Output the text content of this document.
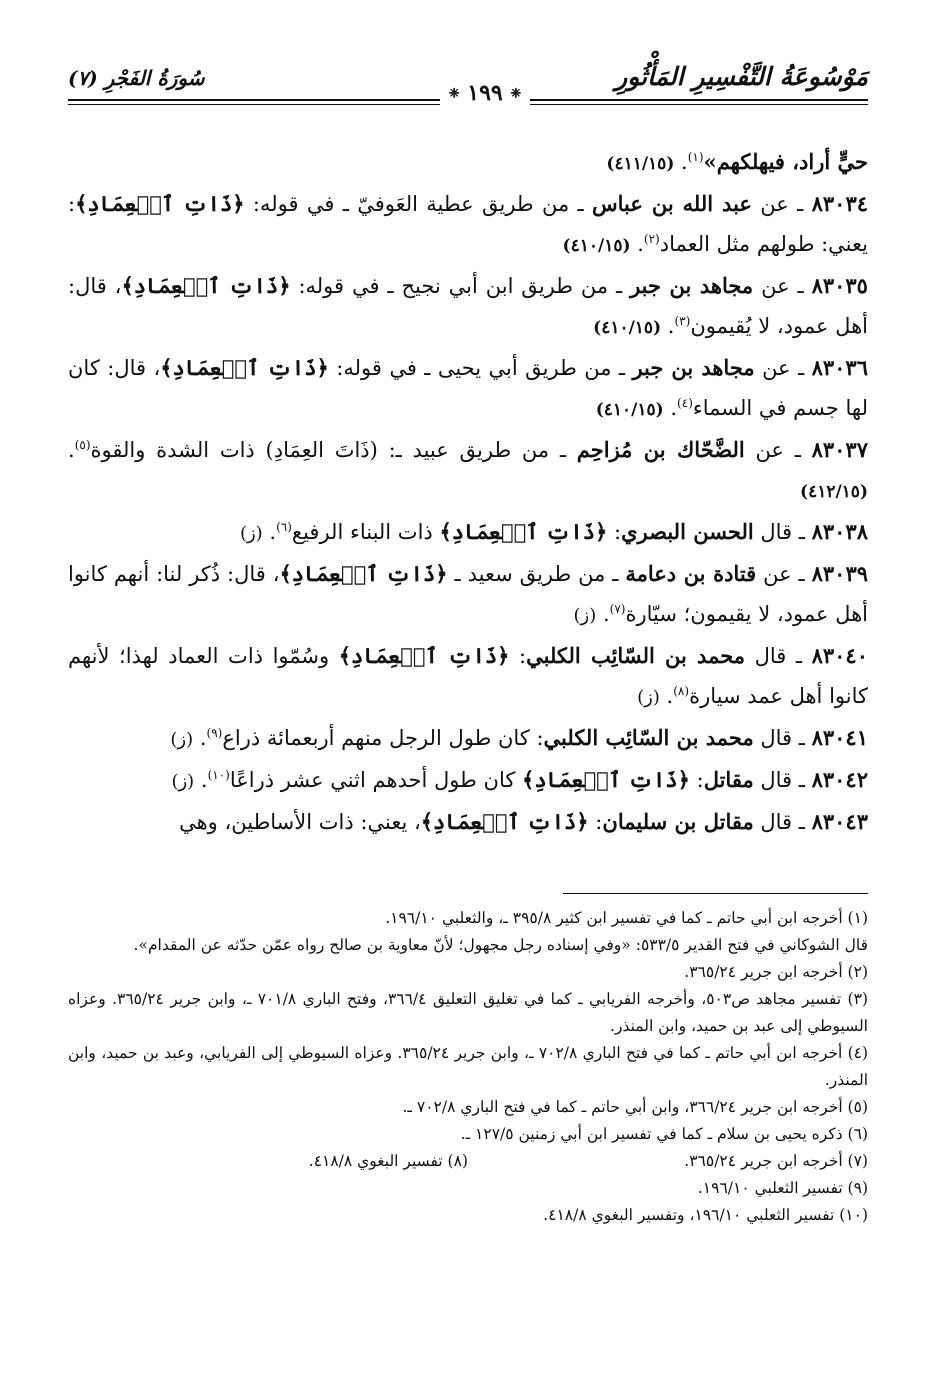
مَوْسُوعَةُ التَّفْسِيرِ المَأْثُورِ
سُورَةُ الفَجْرِ (٧)
❈ ١٩٩ ❈
حيٍّ أراد، فيهلكهم»$^{(١)}$. (٤١١/١٥)
٨٣٠٣٤ ـ عن عبد الله بن عباس ـ من طريق عطية العَوفيّ ـ في قوله: ﴿ذَاتِ ٱلۡعِمَادِ﴾: يعني: طولهم مثل العماد$^{(٢)}$. (٤١٠/١٥)
٨٣٠٣٥ ـ عن مجاهد بن جبر ـ من طريق ابن أبي نجيح ـ في قوله: ﴿ذَاتِ ٱلۡعِمَادِ﴾، قال: أهل عمود، لا يُقيمون$^{(٣)}$. (٤١٠/١٥)
٨٣٠٣٦ ـ عن مجاهد بن جبر ـ من طريق أبي يحيى ـ في قوله: ﴿ذَاتِ ٱلۡعِمَادِ﴾، قال: كان لها جسم في السماء$^{(٤)}$. (٤١٠/١٥)
٨٣٠٣٧ ـ عن الضَّحّاك بن مُزاحِم ـ من طريق عبيد ـ: (ذَاتَ العِمَادِ) ذات الشدة والقوة$^{(٥)}$. (٤١٢/١٥)
٨٣٠٣٨ ـ قال الحسن البصري: ﴿ذَاتِ ٱلۡعِمَادِ﴾ ذات البناء الرفيع$^{(٦)}$. (ز)
٨٣٠٣٩ ـ عن قتادة بن دعامة ـ من طريق سعيد ـ ﴿ذَاتِ ٱلۡعِمَادِ﴾، قال: ذُكر لنا: أنهم كانوا أهل عمود، لا يقيمون؛ سيّارة$^{(٧)}$. (ز)
٨٣٠٤٠ ـ قال محمد بن السّائِب الكلبي: ﴿ذَاتِ ٱلۡعِمَادِ﴾ وسُمّوا ذات العماد لهذا؛ لأنهم كانوا أهل عمد سيارة$^{(٨)}$. (ز)
٨٣٠٤١ ـ قال محمد بن السّائِب الكلبي: كان طول الرجل منهم أربعمائة ذراع$^{(٩)}$. (ز)
٨٣٠٤٢ ـ قال مقاتل: ﴿ذَاتِ ٱلۡعِمَادِ﴾ كان طول أحدهم اثني عشر ذراعًا$^{(١٠)}$. (ز)
٨٣٠٤٣ ـ قال مقاتل بن سليمان: ﴿ذَاتِ ٱلۡعِمَادِ﴾، يعني: ذات الأساطين، وهي
(١) أخرجه ابن أبي حاتم ـ كما في تفسير ابن كثير ٣٩٥/٨ ـ، والثعلبي ١٩٦/١٠.
قال الشوكاني في فتح القدير ٥٣٣/٥: «وفي إسناده رجل مجهول؛ لأنّ معاوية بن صالح رواه عمّن حدّثه عن المقدام».
(٢) أخرجه ابن جرير ٣٦٥/٢٤.
(٣) تفسير مجاهد ص٥٠٣، وأخرجه الفريابي ـ كما في تغليق التعليق ٣٦٦/٤، وفتح الباري ٧٠١/٨ ـ، وابن جرير ٣٦٥/٢٤. وعزاه السيوطي إلى عبد بن حميد، وابن المنذر.
(٤) أخرجه ابن أبي حاتم ـ كما في فتح الباري ٧٠٢/٨ ـ، وابن جرير ٣٦٥/٢٤. وعزاه السيوطي إلى الفريابي، وعبد بن حميد، وابن المنذر.
(٥) أخرجه ابن جرير ٣٦٦/٢٤، وابن أبي حاتم ـ كما في فتح الباري ٧٠٢/٨ ـ.
(٦) ذكره يحيى بن سلام ـ كما في تفسير ابن أبي زمنين ١٢٧/٥ ـ.
(٧) أخرجه ابن جرير ٣٦٥/٢٤.
(٨) تفسير البغوي ٤١٨/٨.
(٩) تفسير الثعلبي ١٩٦/١٠.
(١٠) تفسير الثعلبي ١٩٦/١٠، وتفسير البغوي ٤١٨/٨.
